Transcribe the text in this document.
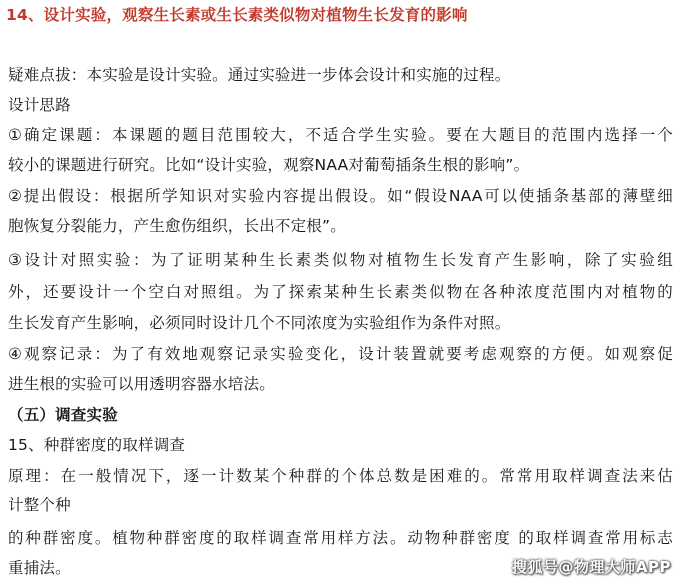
14、设计实验，观察生长素或生长素类似物对植物生长发育的影响
疑难点拔：本实验是设计实验。通过实验进一步体会设计和实施的过程。
设计思路
①确定课题：本课题的题目范围较大，不适合学生实验。要在大题目的范围内选择一个
较小的课题进行研究。比如“设计实验，观察NAA对葡萄插条生根的影响”。
②提出假设：根据所学知识对实验内容提出假设。如“假设NAA可以使插条基部的薄壁细
胞恢复分裂能力，产生愈伤组织，长出不定根”。
③设计对照实验：为了证明某种生长素类似物对植物生长发育产生影响，除了实验组
外，还要设计一个空白对照组。为了探索某种生长素类似物在各种浓度范围内对植物的
生长发育产生影响，必须同时设计几个不同浓度为实验组作为条件对照。
④观察记录：为了有效地观察记录实验变化，设计装置就要考虑观察的方便。如观察促
进生根的实验可以用透明容器水培法。
（五）调查实验
15、种群密度的取样调查
原理：在一般情况下，逐一计数某个种群的个体总数是困难的。常常用取样调查法来估
计整个种
的种群密度。植物种群密度的取样调查常用样方法。动物种群密度 的取样调查常用标志
重捕法。	搜狐号@物理大师APP
